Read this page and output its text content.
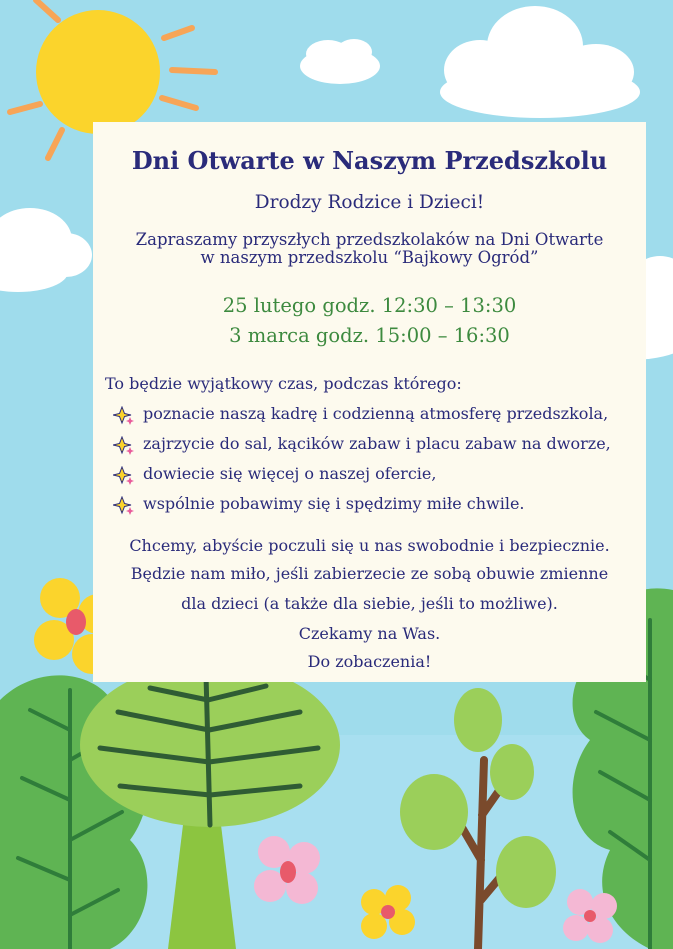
Dni Otwarte w Naszym Przedszkolu

Drodzy Rodzice i Dzieci!

Zapraszamy przyszłych przedszkolaków na Dni Otwarte

w naszym przedszkolu “Bajkowy Ogród”

25 lutego godz. 12:30 – 13:30

3 marca godz. 15:00 – 16:30

To będzie wyjątkowy czas, podczas którego:

poznacie naszą kadrę i codzienną atmosferę przedszkola,
zajrzycie do sal, kącików zabaw i placu zabaw na dworze,
dowiecie się więcej o naszej ofercie,
wspólnie pobawimy się i spędzimy miłe chwile.

Chcemy, abyście poczuli się u nas swobodnie i bezpiecznie.

Będzie nam miło, jeśli zabierzecie ze sobą obuwie zmienne

dla dzieci (a także dla siebie, jeśli to możliwe).

Czekamy na Was.

Do zobaczenia!
